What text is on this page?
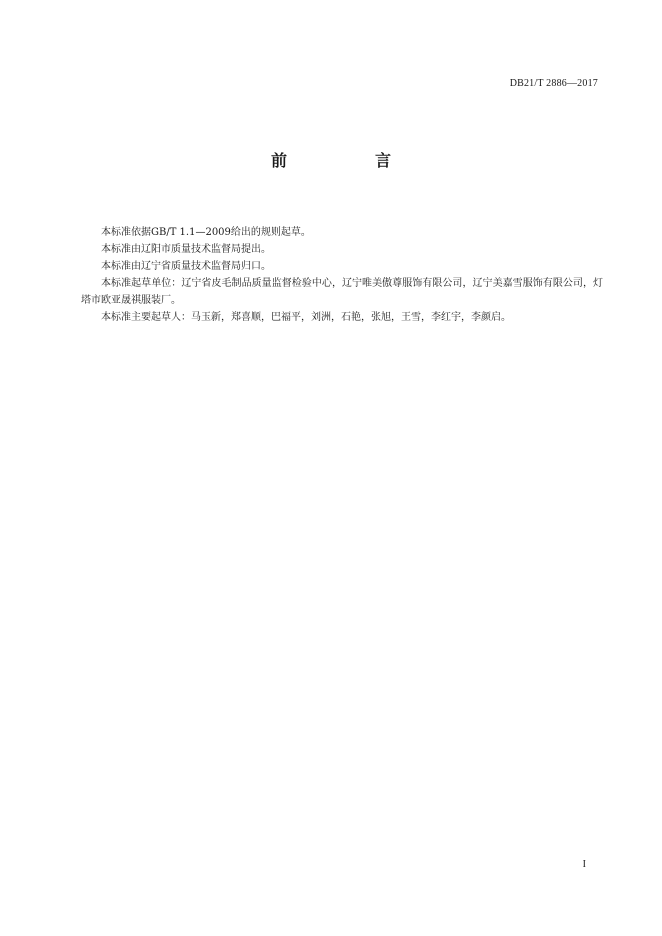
DB21/T 2886—2017
前　言

本标准依据GB/T 1.1—2009给出的规则起草。

本标准由辽阳市质量技术监督局提出。

本标准由辽宁省质量技术监督局归口。

本标准起草单位：辽宁省皮毛制品质量监督检验中心，辽宁唯美傲尊服饰有限公司，辽宁美嘉雪服饰有限公司，灯塔市欧亚晟祺服装厂。

本标准主要起草人：马玉新，郑喜顺，巴福平，刘洲，石艳，张旭，王雪，李红宇，李颜启。

I
